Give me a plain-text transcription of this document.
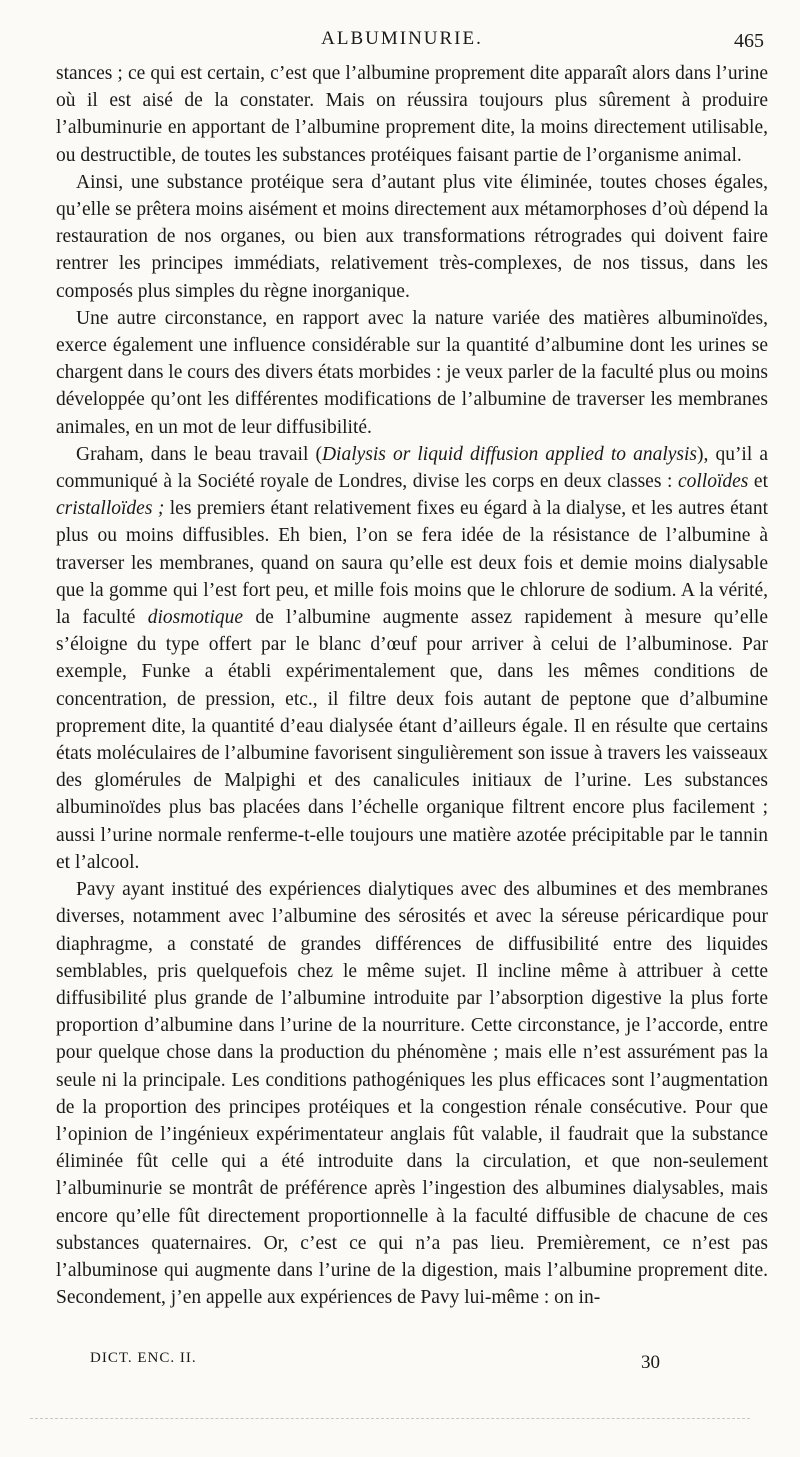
ALBUMINURIE.	465

stances ; ce qui est certain, c’est que l’albumine proprement dite apparaît alors dans l’urine où il est aisé de la constater. Mais on réussira toujours plus sûrement à produire l’albuminurie en apportant de l’albumine proprement dite, la moins directement utilisable, ou destructible, de toutes les substances protéiques faisant partie de l’organisme animal.

Ainsi, une substance protéique sera d’autant plus vite éliminée, toutes choses égales, qu’elle se prêtera moins aisément et moins directement aux métamorphoses d’où dépend la restauration de nos organes, ou bien aux transformations rétrogrades qui doivent faire rentrer les principes immédiats, relativement très-complexes, de nos tissus, dans les composés plus simples du règne inorganique.

Une autre circonstance, en rapport avec la nature variée des matières albuminoïdes, exerce également une influence considérable sur la quantité d’albumine dont les urines se chargent dans le cours des divers états morbides : je veux parler de la faculté plus ou moins développée qu’ont les différentes modifications de l’albumine de traverser les membranes animales, en un mot de leur diffusibilité.

Graham, dans le beau travail (Dialysis or liquid diffusion applied to analysis), qu’il a communiqué à la Société royale de Londres, divise les corps en deux classes : colloïdes et cristalloïdes ; les premiers étant relativement fixes eu égard à la dialyse, et les autres étant plus ou moins diffusibles. Eh bien, l’on se fera idée de la résistance de l’albumine à traverser les membranes, quand on saura qu’elle est deux fois et demie moins dialysable que la gomme qui l’est fort peu, et mille fois moins que le chlorure de sodium. A la vérité, la faculté diosmotique de l’albumine augmente assez rapidement à mesure qu’elle s’éloigne du type offert par le blanc d’œuf pour arriver à celui de l’albuminose. Par exemple, Funke a établi expérimentalement que, dans les mêmes conditions de concentration, de pression, etc., il filtre deux fois autant de peptone que d’albumine proprement dite, la quantité d’eau dialysée étant d’ailleurs égale. Il en résulte que certains états moléculaires de l’albumine favorisent singulièrement son issue à travers les vaisseaux des glomérules de Malpighi et des canalicules initiaux de l’urine. Les substances albuminoïdes plus bas placées dans l’échelle organique filtrent encore plus facilement ; aussi l’urine normale renferme-t-elle toujours une matière azotée précipitable par le tannin et l’alcool.

Pavy ayant institué des expériences dialytiques avec des albumines et des membranes diverses, notamment avec l’albumine des sérosités et avec la séreuse péricardique pour diaphragme, a constaté de grandes différences de diffusibilité entre des liquides semblables, pris quelquefois chez le même sujet. Il incline même à attribuer à cette diffusibilité plus grande de l’albumine introduite par l’absorption digestive la plus forte proportion d’albumine dans l’urine de la nourriture. Cette circonstance, je l’accorde, entre pour quelque chose dans la production du phénomène ; mais elle n’est assurément pas la seule ni la principale. Les conditions pathogéniques les plus efficaces sont l’augmentation de la proportion des principes protéiques et la congestion rénale consécutive. Pour que l’opinion de l’ingénieux expérimentateur anglais fût valable, il faudrait que la substance éliminée fût celle qui a été introduite dans la circulation, et que non-seulement l’albuminurie se montrât de préférence après l’ingestion des albumines dialysables, mais encore qu’elle fût directement proportionnelle à la faculté diffusible de chacune de ces substances quaternaires. Or, c’est ce qui n’a pas lieu. Premièrement, ce n’est pas l’albuminose qui augmente dans l’urine de la digestion, mais l’albumine proprement dite. Secondement, j’en appelle aux expériences de Pavy lui-même : on in-

DICT. ENC. II.	30
